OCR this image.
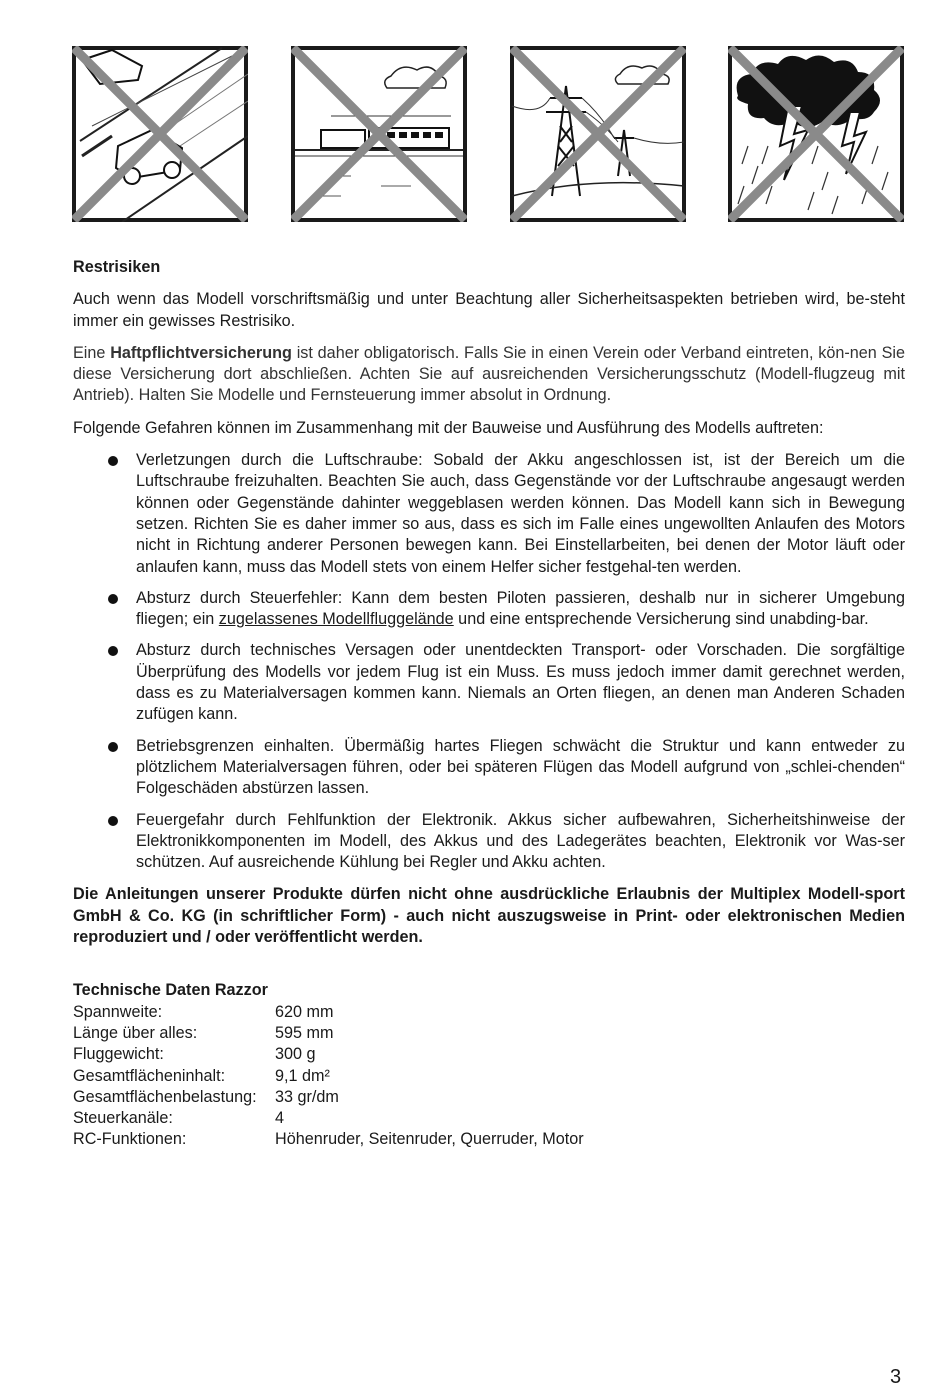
Restrisiken

Auch wenn das Modell vorschriftsmäßig und unter Beachtung aller Sicherheitsaspekten betrieben wird, be-steht immer ein gewisses Restrisiko.

Eine Haftpflichtversicherung ist daher obligatorisch. Falls Sie in einen Verein oder Verband eintreten, kön-nen Sie diese Versicherung dort abschließen. Achten Sie auf ausreichenden Versicherungsschutz (Modell-flugzeug mit Antrieb). Halten Sie Modelle und Fernsteuerung immer absolut in Ordnung.

Folgende Gefahren können im Zusammenhang mit der Bauweise und Ausführung des Modells auftreten:

Verletzungen durch die Luftschraube: Sobald der Akku angeschlossen ist, ist der Bereich um die Luftschraube freizuhalten. Beachten Sie auch, dass Gegenstände vor der Luftschraube angesaugt werden können oder Gegenstände dahinter weggeblasen werden können. Das Modell kann sich in Bewegung setzen. Richten Sie es daher immer so aus, dass es sich im Falle eines ungewollten Anlaufen des Motors nicht in Richtung anderer Personen bewegen kann. Bei Einstellarbeiten, bei denen der Motor läuft oder anlaufen kann, muss das Modell stets von einem Helfer sicher festgehal-ten werden.
Absturz durch Steuerfehler: Kann dem besten Piloten passieren, deshalb nur in sicherer Umgebung fliegen; ein zugelassenes Modellfluggelände und eine entsprechende Versicherung sind unabding-bar.
Absturz durch technisches Versagen oder unentdeckten Transport- oder Vorschaden. Die sorgfältige Überprüfung des Modells vor jedem Flug ist ein Muss. Es muss jedoch immer damit gerechnet werden, dass es zu Materialversagen kommen kann. Niemals an Orten fliegen, an denen man Anderen Schaden zufügen kann.
Betriebsgrenzen einhalten. Übermäßig hartes Fliegen schwächt die Struktur und kann entweder zu plötzlichem Materialversagen führen, oder bei späteren Flügen das Modell aufgrund von „schlei-chenden“ Folgeschäden abstürzen lassen.
Feuergefahr durch Fehlfunktion der Elektronik. Akkus sicher aufbewahren, Sicherheitshinweise der Elektronikkomponenten im Modell, des Akkus und des Ladegerätes beachten, Elektronik vor Was-ser schützen. Auf ausreichende Kühlung bei Regler und Akku achten.

Die Anleitungen unserer Produkte dürfen nicht ohne ausdrückliche Erlaubnis der Multiplex Modell-sport GmbH & Co. KG (in schriftlicher Form) - auch nicht auszugsweise in Print- oder elektronischen Medien reproduziert und / oder veröffentlicht werden.

Technische Daten Razzor

Spannweite:	620 mm
Länge über alles:	595 mm
Fluggewicht:	300 g
Gesamtflächeninhalt:	9,1 dm²
Gesamtflächenbelastung:	33 gr/dm
Steuerkanäle:	4
RC-Funktionen:	Höhenruder, Seitenruder, Querruder, Motor
3
